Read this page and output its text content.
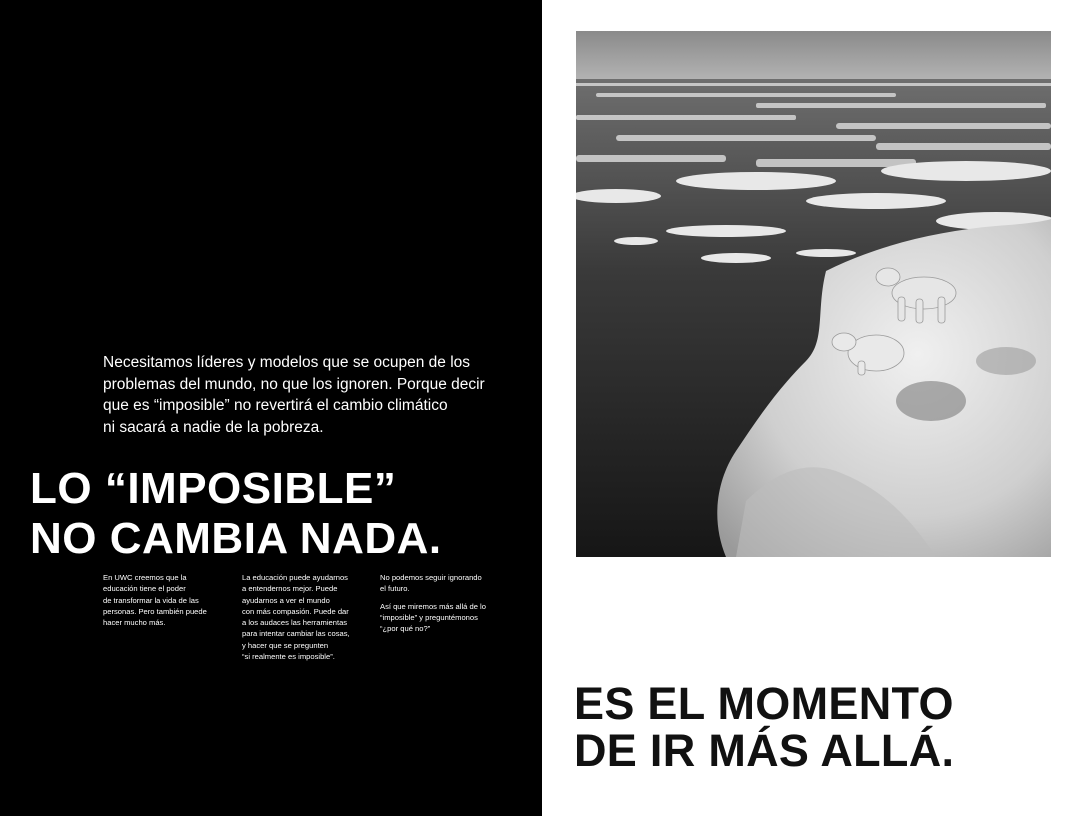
Necesitamos líderes y modelos que se ocupen de los
problemas del mundo, no que los ignoren. Porque decir
que es “imposible” no revertirá el cambio climático
ni sacará a nadie de la pobreza.

LO “IMPOSIBLE”
NO CAMBIA NADA.

En UWC creemos que la
educación tiene el poder
de transformar la vida de las
personas. Pero también puede
hacer mucho más.

La educación puede ayudarnos
a entendernos mejor. Puede
ayudarnos a ver el mundo
con más compasión. Puede dar
a los audaces las herramientas
para intentar cambiar las cosas,
y hacer que se pregunten
“si realmente es imposible”.

No podemos seguir ignorando
el futuro.

Así que miremos más allá de lo
“imposible” y preguntémonos
“¿por qué no?”

ES EL MOMENTO
DE IR MÁS ALLÁ.
